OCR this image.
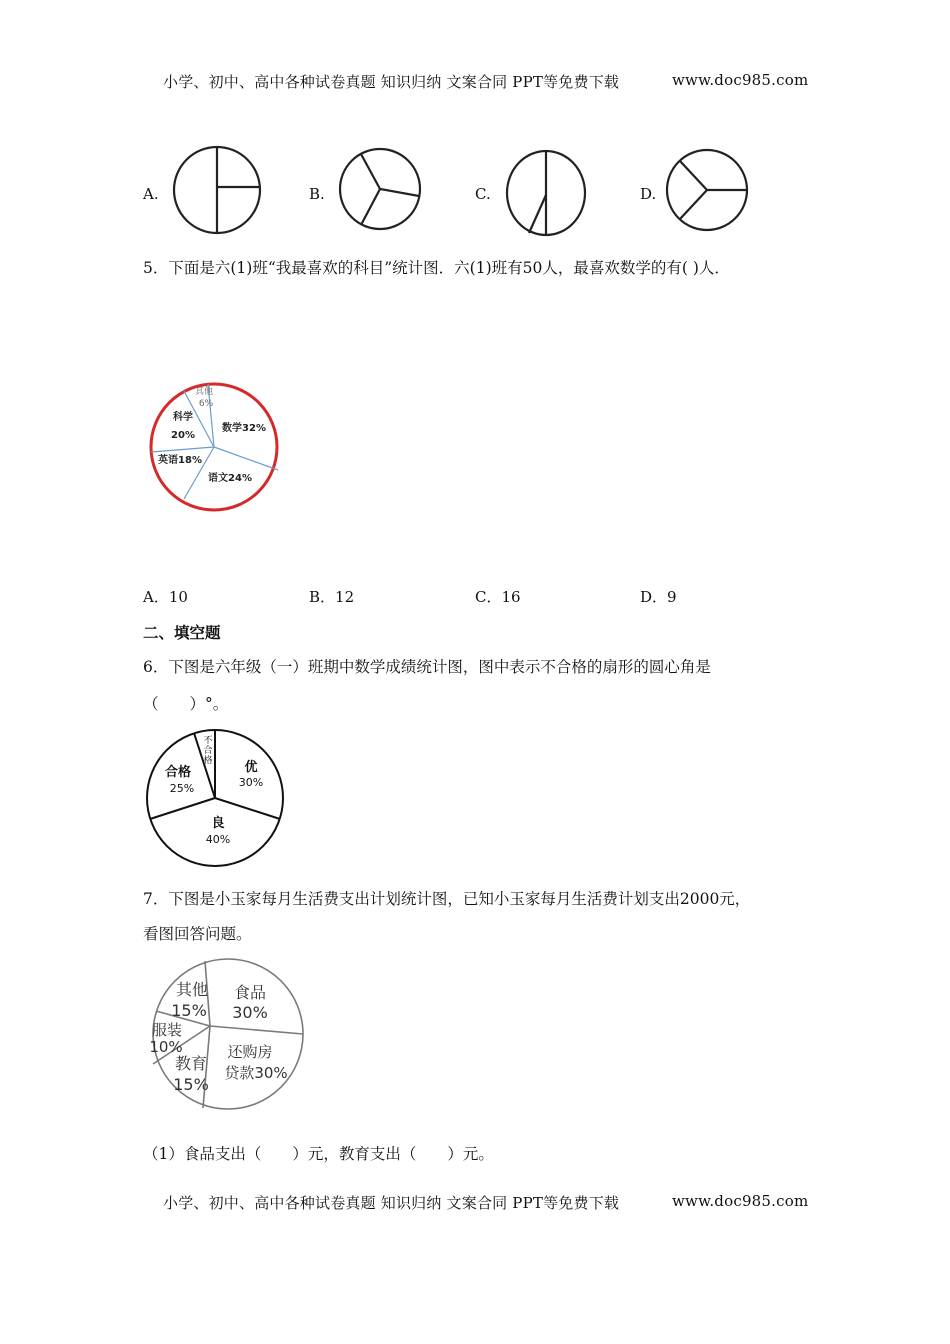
小学、初中、高中各种试卷真题 知识归纳 文案合同 PPT等免费下载	www.doc985.com
A.	B.	C.	D.
5．下面是六(1)班“我最喜欢的科目”统计图．六(1)班有50人，最喜欢数学的有( )人．
其他
6%
科学
20%
数学32%
英语18%
语文24%
A．10	B．12	C．16	D．9
二、填空题
6．下图是六年级（一）班期中数学成绩统计图，图中表示不合格的扇形的圆心角是
（　　）°。
不
合
格 优
30%
合格
25%
良
40%
7．下图是小玉家每月生活费支出计划统计图，已知小玉家每月生活费计划支出2000元，
看图回答问题。
其他
15%
食品
30%
服装
10%	还购房
贷款30%
教育
15%
（1）食品支出（　　）元，教育支出（　　）元。
小学、初中、高中各种试卷真题 知识归纳 文案合同 PPT等免费下载	www.doc985.com
